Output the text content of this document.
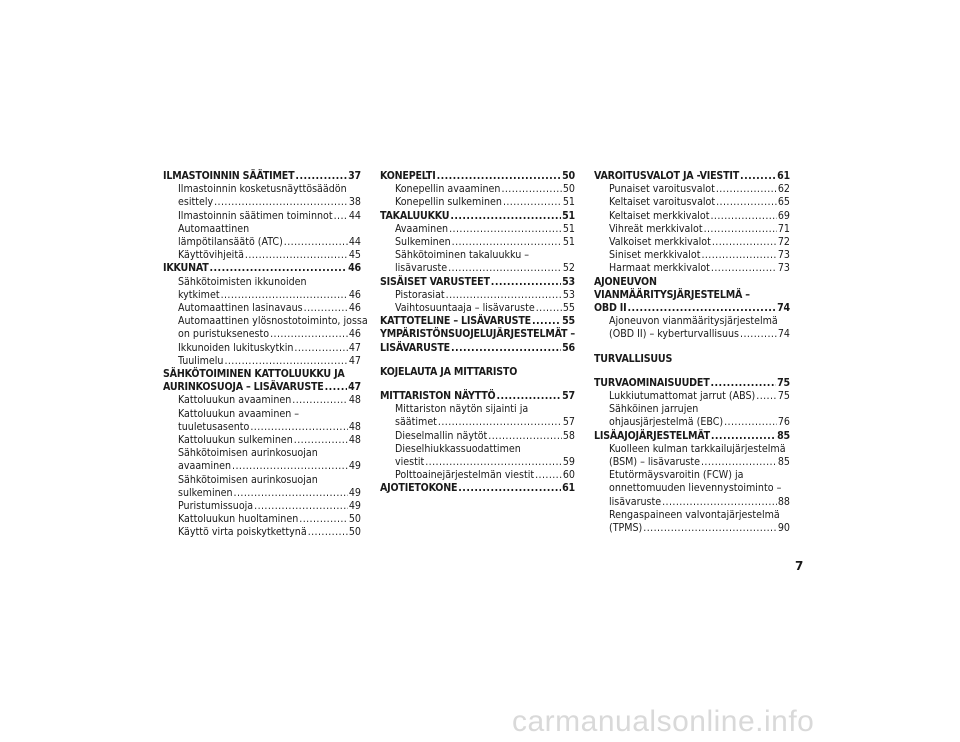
ILMASTOINNIN SÄÄTIMET .....	37
Ilmastoinnin kosketusnäyttösäädön
esittely .....	38
Ilmastoinnin säätimen toiminnot ..... 44
Automaattinen
lämpötilansäätö (ATC) .....	44
Käyttövihjeitä .....	45
IKKUNAT .....	46
Sähkötoimisten ikkunoiden
kytkimet .....	46
Automaattinen lasinavaus .....	46
Automaattinen ylösnostotoiminto, jossa
on puristuksenesto .....	46
Ikkunoiden lukituskytkin .....	47
Tuulimelu .....	47
SÄHKÖTOIMINEN KATTOLUUKKU JA
AURINKOSUOJA – LISÄVARUSTE ..... 47
Kattoluukun avaaminen .....	48
Kattoluukun avaaminen –
tuuletusasento .....	48
Kattoluukun sulkeminen .....	48
Sähkötoimisen aurinkosuojan
avaaminen .....	49
Sähkötoimisen aurinkosuojan
sulkeminen .....	49
Puristumissuoja .....	49
Kattoluukun huoltaminen .....	50
Käyttö virta poiskytkettynä .....	50
KONEPELTI .....	50
Konepellin avaaminen .....	50
Konepellin sulkeminen .....	51
TAKALUUKKU .....	51
Avaaminen .....	51
Sulkeminen .....	51
Sähkötoiminen takaluukku –
lisävaruste .....	52
SISÄISET VARUSTEET .....	53
Pistorasiat .....	53
Vaihtosuuntaaja – lisävaruste .....	55
KATTOTELINE – LISÄVARUSTE .....	55
YMPÄRISTÖNSUOJELUJÄRJESTELMÄT –
LISÄVARUSTE .....	56
KOJELAUTA JA MITTARISTO
MITTARISTON NÄYTTÖ .....	57
Mittariston näytön sijainti ja
säätimet .....	57
Dieselmallin näytöt .....	58
Dieselhiukkassuodattimen
viestit .....	59
Polttoainejärjestelmän viestit .....	60
AJOTIETOKONE .....	61
VAROITUSVALOT JA -VIESTIT .....	61
Punaiset varoitusvalot .....	62
Keltaiset varoitusvalot .....	65
Keltaiset merkkivalot .....	69
Vihreät merkkivalot .....	71
Valkoiset merkkivalot .....	72
Siniset merkkivalot .....	73
Harmaat merkkivalot .....	73
AJONEUVON
VIANMÄÄRITYSJÄRJESTELMÄ –
OBD II .....	74
Ajoneuvon vianmääritysjärjestelmä
(OBD II) – kyberturvallisuus .....	74
TURVALLISUUS
TURVAOMINAISUUDET .....	75
Lukkiutumattomat jarrut (ABS) ..... 75
Sähköinen jarrujen
ohjausjärjestelmä (EBC) .....	76
LISÄAJOJÄRJESTELMÄT .....	85
Kuolleen kulman tarkkailujärjestelmä
(BSM) – lisävaruste .....	85
Etutörmäysvaroitin (FCW) ja
onnettomuuden lievennystoiminto –
lisävaruste .....	88
Rengaspaineen valvontajärjestelmä
(TPMS) .....	90
7
carmanualsonline.info
